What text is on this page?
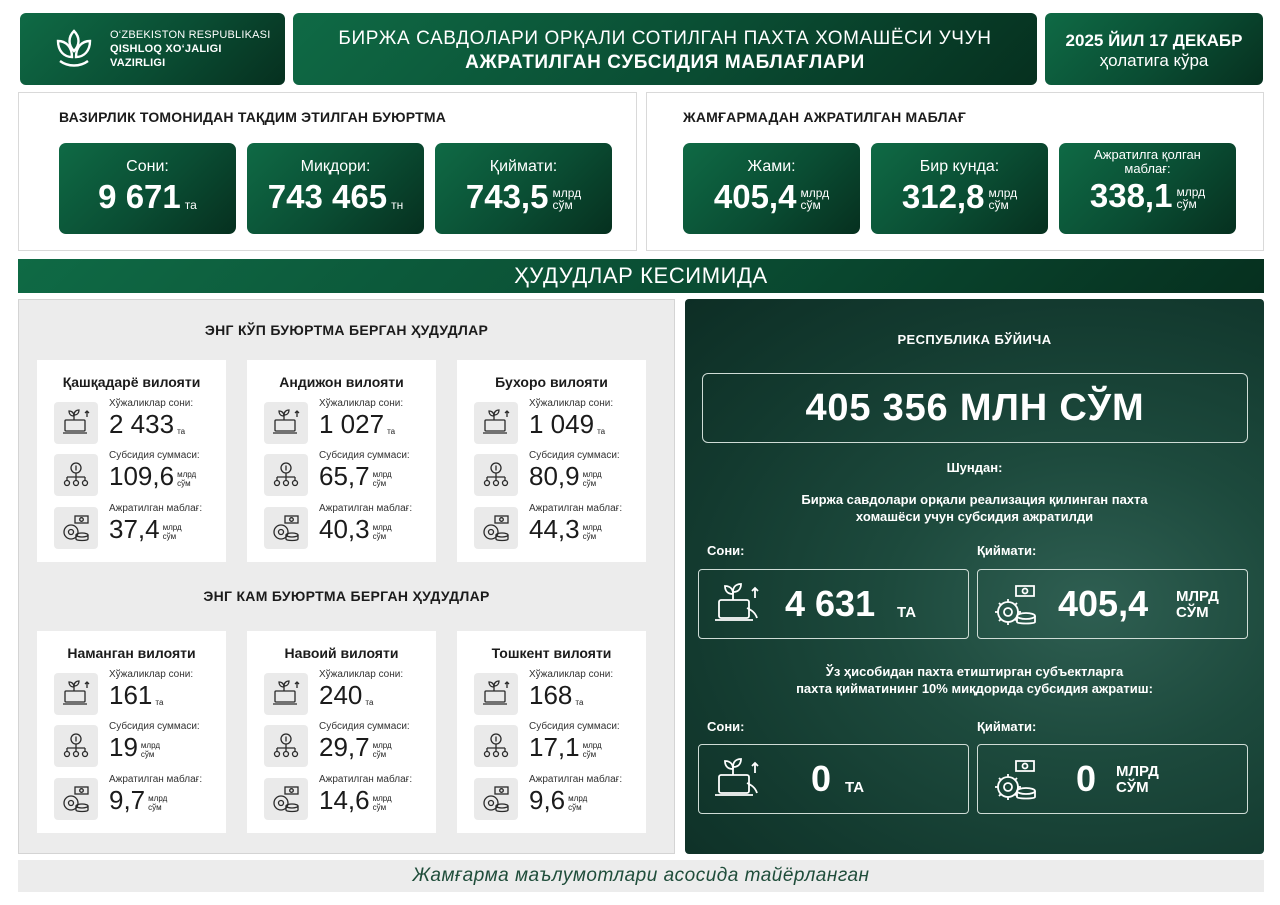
O‘ZBEKISTON RESPUBLIKASI
QISHLOQ XO‘JALIGI
VAZIRLIGI
БИРЖА САВДОЛАРИ ОРҚАЛИ СОТИЛГАН ПАХТА ХОМАШЁСИ УЧУН
АЖРАТИЛГАН СУБСИДИЯ МАБЛАҒЛАРИ
2025 ЙИЛ 17 ДЕКАБР
ҳолатига кўра
ВАЗИРЛИК ТОМОНИДАН ТАҚДИМ ЭТИЛГАН БУЮРТМА
Сони:
9 671 та
Миқдори:
743 465 тн
Қиймати:
743,5 млрд
сўм
ЖАМҒАРМАДАН АЖРАТИЛГАН МАБЛАҒ
Жами:
405,4 млрд
сўм
Бир кунда:
312,8 млрд
сўм
Ажратилга қолган маблағ:
338,1 млрд
сўм
ҲУДУДЛАР КЕСИМИДА
ЭНГ КЎП БУЮРТМА БЕРГАН ҲУДУДЛАР
Қашқадарё вилояти
Хўжаликлар сони:
2 433 та
Субсидия суммаси:
109,6 млрд
сўм
Ажратилган маблағ:
37,4 млрд
сўм
Андижон вилояти
Хўжаликлар сони:
1 027 та
Субсидия суммаси:
65,7 млрд
сўм
Ажратилган маблағ:
40,3 млрд
сўм
Бухоро вилояти
Хўжаликлар сони:
1 049 та
Субсидия суммаси:
80,9 млрд
сўм
Ажратилган маблағ:
44,3 млрд
сўм
ЭНГ КАМ БУЮРТМА БЕРГАН ҲУДУДЛАР
Наманган вилояти
Хўжаликлар сони:
161 та
Субсидия суммаси:
19 млрд
сўм
Ажратилган маблағ:
9,7 млрд
сўм
Навоий вилояти
Хўжаликлар сони:
240 та
Субсидия суммаси:
29,7 млрд
сўм
Ажратилган маблағ:
14,6 млрд
сўм
Тошкент вилояти
Хўжаликлар сони:
168 та
Субсидия суммаси:
17,1 млрд
сўм
Ажратилган маблағ:
9,6 млрд
сўм
РЕСПУБЛИКА БЎЙИЧА
405 356 МЛН СЎМ
Шундан:
Биржа савдолари орқали реализация қилинган пахта
хомашёси учун субсидия ажратилди
Сони:	Қиймати:
4 631 ТА	405,4 МЛРД
СЎМ
Ўз ҳисобидан пахта етиштирган субъектларга
пахта қийматининг 10% миқдорида субсидия ажратиш:
Сони:	Қиймати:
0 ТА	0 МЛРД
СЎМ
Жамғарма маълумотлари асосида тайёрланган
